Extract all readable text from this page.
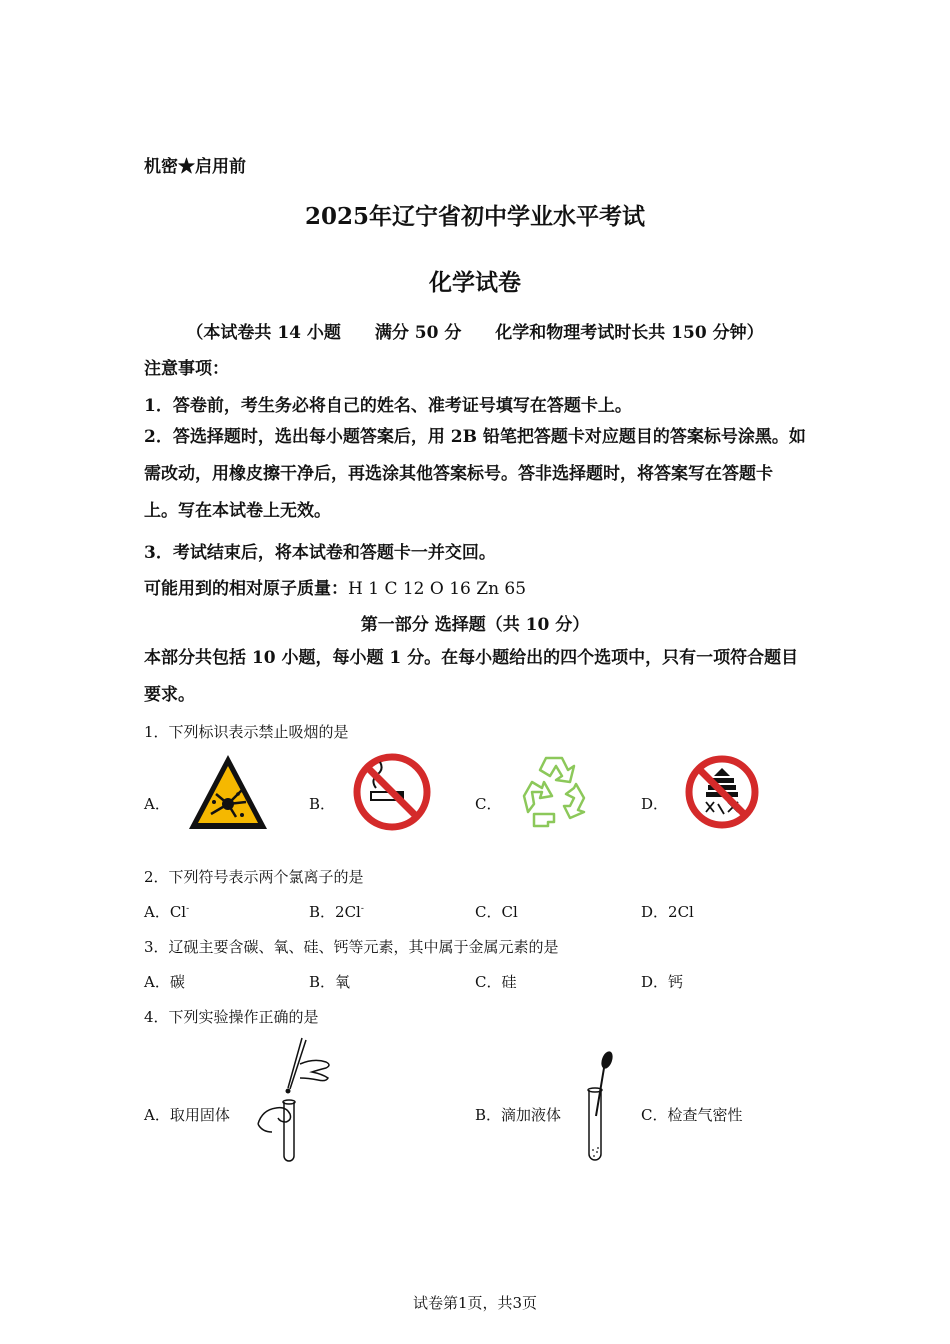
机密★启用前
2025年辽宁省初中学业水平考试
化学试卷
（本试卷共 14 小题 满分 50 分 化学和物理考试时长共 150 分钟）
注意事项：
1．答卷前，考生务必将自己的姓名、准考证号填写在答题卡上。
2．答选择题时，选出每小题答案后，用 2B 铅笔把答题卡对应题目的答案标号涂黑。如需改动，用橡皮擦干净后，再选涂其他答案标号。答非选择题时，将答案写在答题卡上。写在本试卷上无效。
3．考试结束后，将本试卷和答题卡一并交回。
可能用到的相对原子质量：H 1 C 12 O 16 Zn 65
第一部分 选择题（共 10 分）
本部分共包括 10 小题，每小题 1 分。在每小题给出的四个选项中，只有一项符合题目要求。
1．下列标识表示禁止吸烟的是
A．	B．	C．	D．
2．下列符号表示两个氯离子的是
A．Cl-	B．2Cl-	C．Cl	D．2Cl
3．辽砚主要含碳、氧、硅、钙等元素，其中属于金属元素的是
A．碳	B．氧	C．硅	D．钙
4．下列实验操作正确的是
A．取用固体	B．滴加液体	C．检查气密性
试卷第1页，共3页
